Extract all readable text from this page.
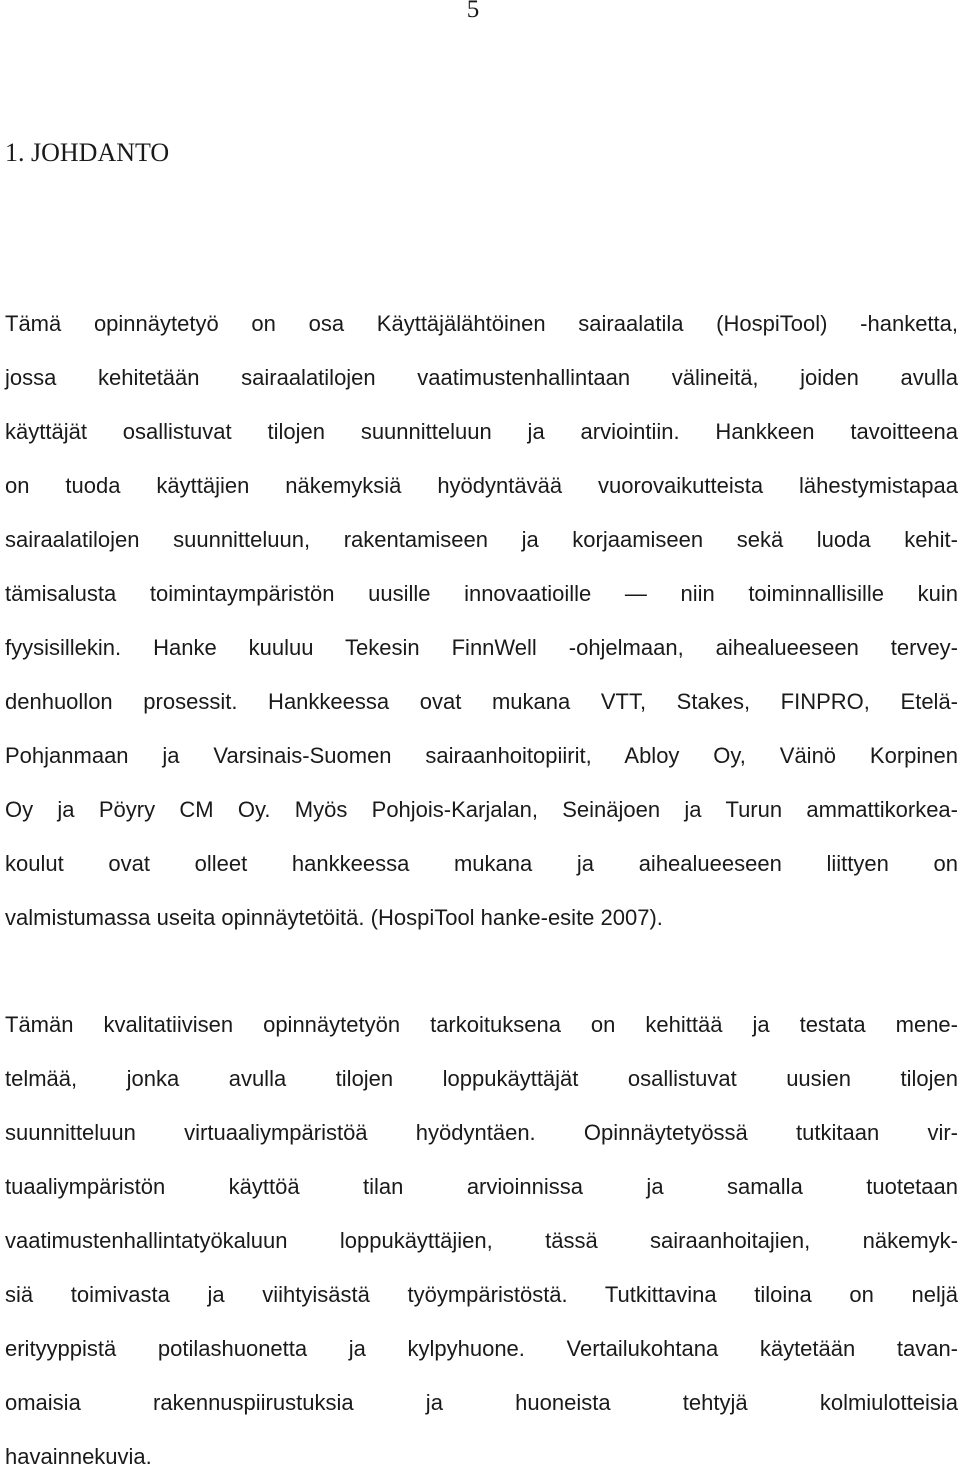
5
1. JOHDANTO
Tämä opinnäytetyö on osa Käyttäjälähtöinen sairaalatila (HospiTool) -hanketta,
jossa kehitetään sairaalatilojen vaatimustenhallintaan välineitä, joiden avulla
käyttäjät osallistuvat tilojen suunnitteluun ja arviointiin. Hankkeen tavoitteena
on tuoda käyttäjien näkemyksiä hyödyntävää vuorovaikutteista lähestymistapaa
sairaalatilojen suunnitteluun, rakentamiseen ja korjaamiseen sekä luoda kehit-
tämisalusta toimintaympäristön uusille innovaatioille ― niin toiminnallisille kuin
fyysisillekin. Hanke kuuluu Tekesin FinnWell -ohjelmaan, aihealueeseen tervey-
denhuollon prosessit. Hankkeessa ovat mukana VTT, Stakes, FINPRO, Etelä-
Pohjanmaan ja Varsinais-Suomen sairaanhoitopiirit, Abloy Oy, Väinö Korpinen
Oy ja Pöyry CM Oy. Myös Pohjois-Karjalan, Seinäjoen ja Turun ammattikorkea-
koulut ovat olleet hankkeessa mukana ja aihealueeseen liittyen on
valmistumassa useita opinnäytetöitä. (HospiTool hanke-esite 2007).
Tämän kvalitatiivisen opinnäytetyön tarkoituksena on kehittää ja testata mene-
telmää, jonka avulla tilojen loppukäyttäjät osallistuvat uusien tilojen
suunnitteluun virtuaaliympäristöä hyödyntäen. Opinnäytetyössä tutkitaan vir-
tuaaliympäristön käyttöä tilan arvioinnissa ja samalla tuotetaan
vaatimustenhallintatyökaluun loppukäyttäjien, tässä sairaanhoitajien, näkemyk-
siä toimivasta ja viihtyisästä työympäristöstä. Tutkittavina tiloina on neljä
erityyppistä potilashuonetta ja kylpyhuone. Vertailukohtana käytetään tavan-
omaisia rakennuspiirustuksia ja huoneista tehtyjä kolmiulotteisia
havainnekuvia.
